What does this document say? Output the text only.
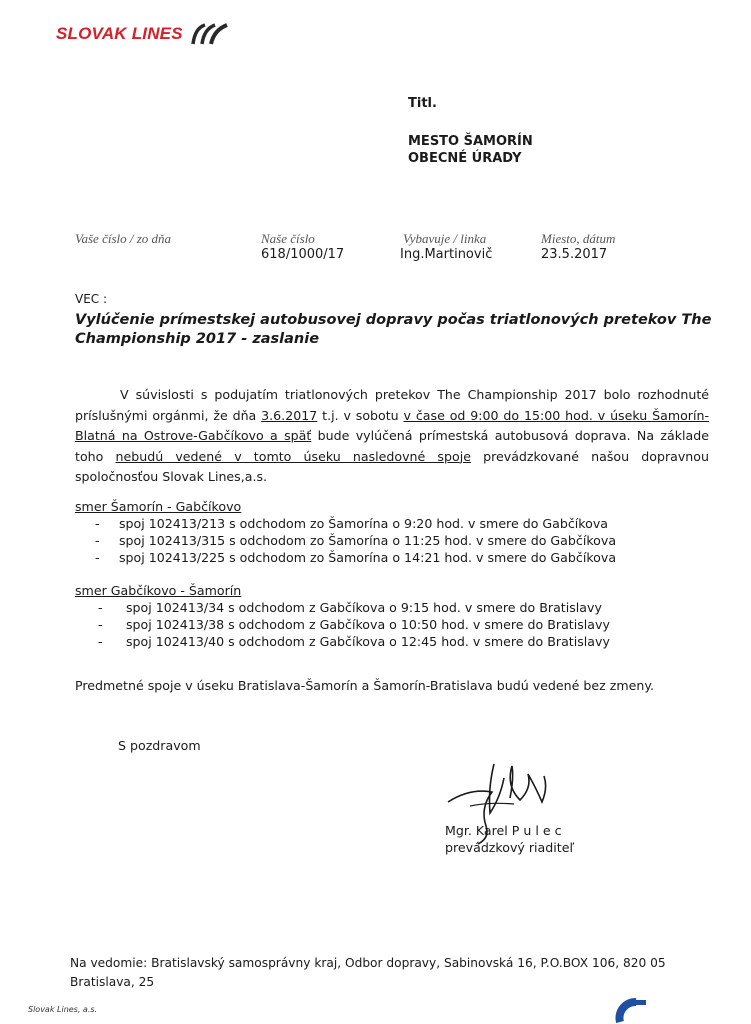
SLOVAK LINES
Titl.
MESTO ŠAMORÍN
OBECNÉ ÚRADY
Vaše číslo / zo dňa	Naše číslo
618/1000/17
Vybavuje / linka
Ing.Martinovič
Miesto, dátum
23.5.2017
VEC :
Vylúčenie prímestskej autobusovej dopravy počas triatlonových pretekov The Championship 2017 - zaslanie
V súvislosti s podujatím triatlonových pretekov The Championship 2017 bolo rozhodnuté príslušnými orgánmi, že dňa 3.6.2017 t.j. v sobotu v čase od 9:00 do 15:00 hod. v úseku Šamorín-Blatná na Ostrove-Gabčíkovo a späť bude vylúčená prímestská autobusová doprava. Na základe toho nebudú vedené v tomto úseku nasledovné spoje prevádzkované našou dopravnou spoločnosťou Slovak Lines,a.s.
smer Šamorín - Gabčíkovo
- spoj 102413/213 s odchodom zo Šamorína o 9:20 hod. v smere do Gabčíkova
- spoj 102413/315 s odchodom zo Šamorína o 11:25 hod. v smere do Gabčíkova
- spoj 102413/225 s odchodom zo Šamorína o 14:21 hod. v smere do Gabčíkova
smer Gabčíkovo - Šamorín
- spoj 102413/34 s odchodom z Gabčíkova o 9:15 hod. v smere do Bratislavy
- spoj 102413/38 s odchodom z Gabčíkova o 10:50 hod. v smere do Bratislavy
- spoj 102413/40 s odchodom z Gabčíkova o 12:45 hod. v smere do Bratislavy
Predmetné spoje v úseku Bratislava-Šamorín a Šamorín-Bratislava budú vedené bez zmeny.
S pozdravom
Mgr. Karel P u l e c
prevádzkový riaditeľ
Na vedomie: Bratislavský samosprávny kraj, Odbor dopravy, Sabinovská 16, P.O.BOX 106, 820 05 Bratislava, 25
Slovak Lines, a.s.
